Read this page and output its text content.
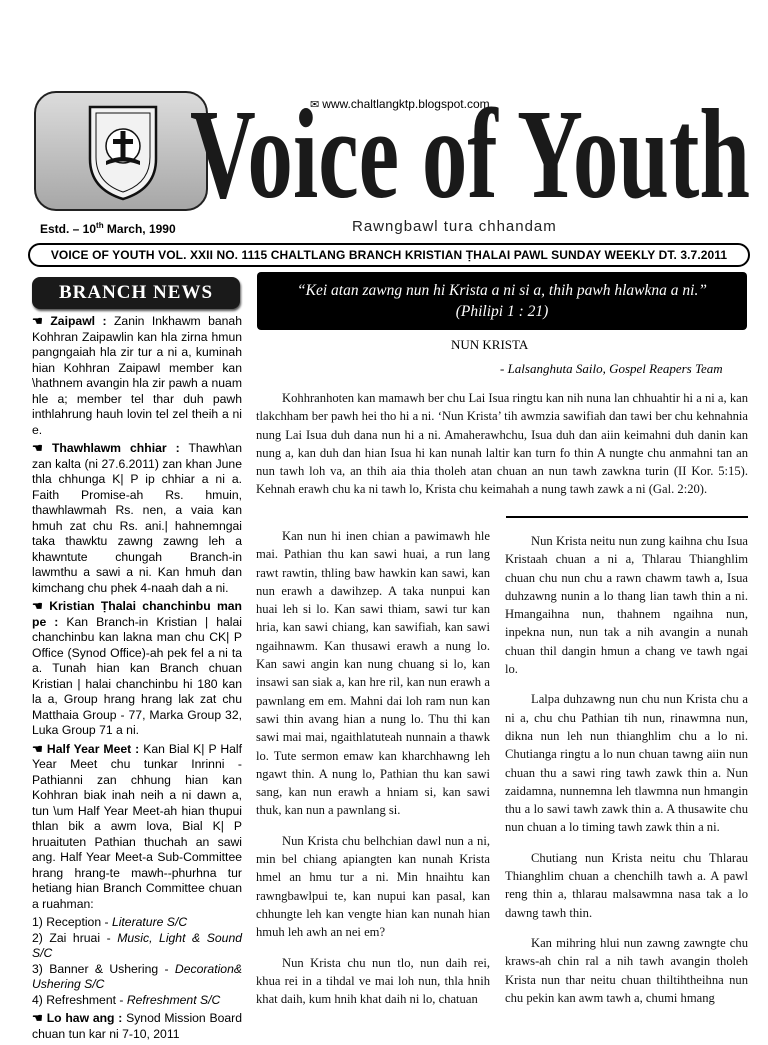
✉ www.chaltlangktp.blogspot.com
Voice of Youth
Estd. – 10th March, 1990	Rawngbawl tura chhandam
VOICE OF YOUTH VOL. XXII NO. 1115 CHALTLANG BRANCH KRISTIAN ṬHALAI PAWL SUNDAY WEEKLY DT. 3.7.2011
BRANCH NEWS

☚ Zaipawl : Zanin Inkhawm banah Kohhran Zaipawlin kan hla zirna hmun pangngaiah hla zir tur a ni a, kuminah hian Kohhran Zaipawl member kan \hathnem avangin hla zir pawh a nuam hle a; member tel thar duh pawh inthlahrung hauh lovin tel zel theih a ni e.

☚ Thawhlawm chhiar : Thawh\an zan kalta (ni 27.6.2011) zan khan June thla chhunga K| P ip chhiar a ni a. Faith Promise-ah Rs. hmuin, thawhlawmah Rs. nen, a vaia kan hmuh zat chu Rs. ani.| hahnemngai taka thawktu zawng zawng leh a khawntute chungah Branch-in lawmthu a sawi a ni. Kan hmuh dan kimchang chu phek 4-naah dah a ni.

☚ Kristian Ṭhalai chanchinbu man pe : Kan Branch-in Kristian | halai chanchinbu kan lakna man chu CK| P Office (Synod Office)-ah pek fel a ni ta a. Tunah hian kan Branch chuan Kristian | halai chanchinbu hi 180 kan la a, Group hrang hrang lak zat chu Matthaia Group - 77, Marka Group 32, Luka Group 71 a ni.

☚ Half Year Meet : Kan Bial K| P Half Year Meet chu tunkar Inrinni - Pathianni zan chhung hian kan Kohhran biak inah neih a ni dawn a, tun \um Half Year Meet-ah hian thupui thlan bik a awm lova, Bial K| P hruaituten Pathian thuchah an sawi ang. Half Year Meet-a Sub-Committee hrang hrang-te mawh--phurhna tur hetiang hian Branch Committee chuan a ruahman:

1) Reception - Literature S/C
2) Zai hruai - Music, Light & Sound S/C
3) Banner & Ushering - Decoration& Ushering S/C
4) Refreshment - Refreshment S/C

☚ Lo haw ang : Synod Mission Board chuan tun kar ni 7-10, 2011

“Kei atan zawng nun hi Krista a ni si a, thih pawh hlawkna a ni.”
(Philipi 1 : 21)
NUN KRISTA
- Lalsanghuta Sailo, Gospel Reapers Team

Kohhranhoten kan mamawh ber chu Lai Isua ringtu kan nih nuna lan chhuahtir hi a ni a, kan tlakchham ber pawh hei tho hi a ni. ‘Nun Krista’ tih awmzia sawifiah dan tawi ber chu kehnahnia nung Lai Isua duh dana nun hi a ni. Amaherawhchu, Isua duh dan aiin keimahni duh danin kan nung a, kan duh dan hian Isua hi kan nunah laltir kan turn fo thin A nungte chu anmahni tan an nun tawh loh va, an thih aia thia tholeh atan chuan an nun tawh zawkna turin (II Kor. 5:15). Kehnah erawh chu ka ni tawh lo, Krista chu keimahah a nung tawh zawk a ni (Gal. 2:20).

Kan nun hi inen chian a pawimawh hle mai. Pathian thu kan sawi huai, a run lang rawt rawtin, thling baw hawkin kan sawi, kan nun erawh a dawihzep. A taka nunpui kan huai leh si lo. Kan sawi thiam, sawi tur kan hria, kan sawi chiang, kan sawifiah, kan sawi ngaihnawm. Kan thusawi erawh a nung lo. Kan sawi angin kan nung chuang si lo, kan insawi san siak a, kan hre ril, kan nun erawh a pawnlang em em. Mahni dai loh ram nun kan sawi thin avang hian a nung lo. Thu thi kan sawi mai mai, ngaithlatuteah nunnain a thawk lo. Tute sermon emaw kan kharchhawng leh ngawt thin. A nung lo, Pathian thu kan sawi sang, kan nun erawh a hniam si, kan sawi thuk, kan nun a pawnlang si.

Nun Krista chu belhchian dawl nun a ni, min bel chiang apiangten kan nunah Krista hmel an hmu tur a ni. Min hnaihtu kan rawngbawlpui te, kan nupui kan pasal, kan chhungte leh kan vengte hian kan nunah hian hmuh leh awh an nei em?

Nun Krista chu nun tlo, nun daih rei, khua rei in a tihdal ve mai loh nun, thla hnih khat daih, kum hnih khat daih ni lo, chatuan

Nun Krista neitu nun zung kaihna chu Isua Kristaah chuan a ni a, Thlarau Thianghlim chuan chu nun chu a rawn chawm tawh a, Isua duhzawng nunin a lo thang lian tawh thin a ni. Hmangaihna nun, thahnem ngaihna nun, inpekna nun, nun tak a nih avangin a nunah chuan thil dangin hmun a chang ve tawh ngai lo.

Lalpa duhzawng nun chu nun Krista chu a ni a, chu chu Pathian tih nun, rinawmna nun, dikna nun leh nun thianghlim chu a lo ni. Chutianga ringtu a lo nun chuan tawng aiin nun chuan thu a sawi ring tawh zawk thin a. Nun zaidamna, nunnemna leh tlawmna nun hmangin thu a lo sawi tawh zawk thin a. A thusawite chu nun chuan a lo timing tawh zawk thin a ni.

Chutiang nun Krista neitu chu Thlarau Thianghlim chuan a chenchilh tawh a. A pawl reng thin a, thlarau malsawmna nasa tak a lo dawng tawh thin.

Kan mihring hlui nun zawng zawngte chu kraws-ah chin ral a nih tawh avangin tholeh Krista nun thar neitu chuan thiltihtheihna nun chu pekin kan awm tawh a, chumi hmang
